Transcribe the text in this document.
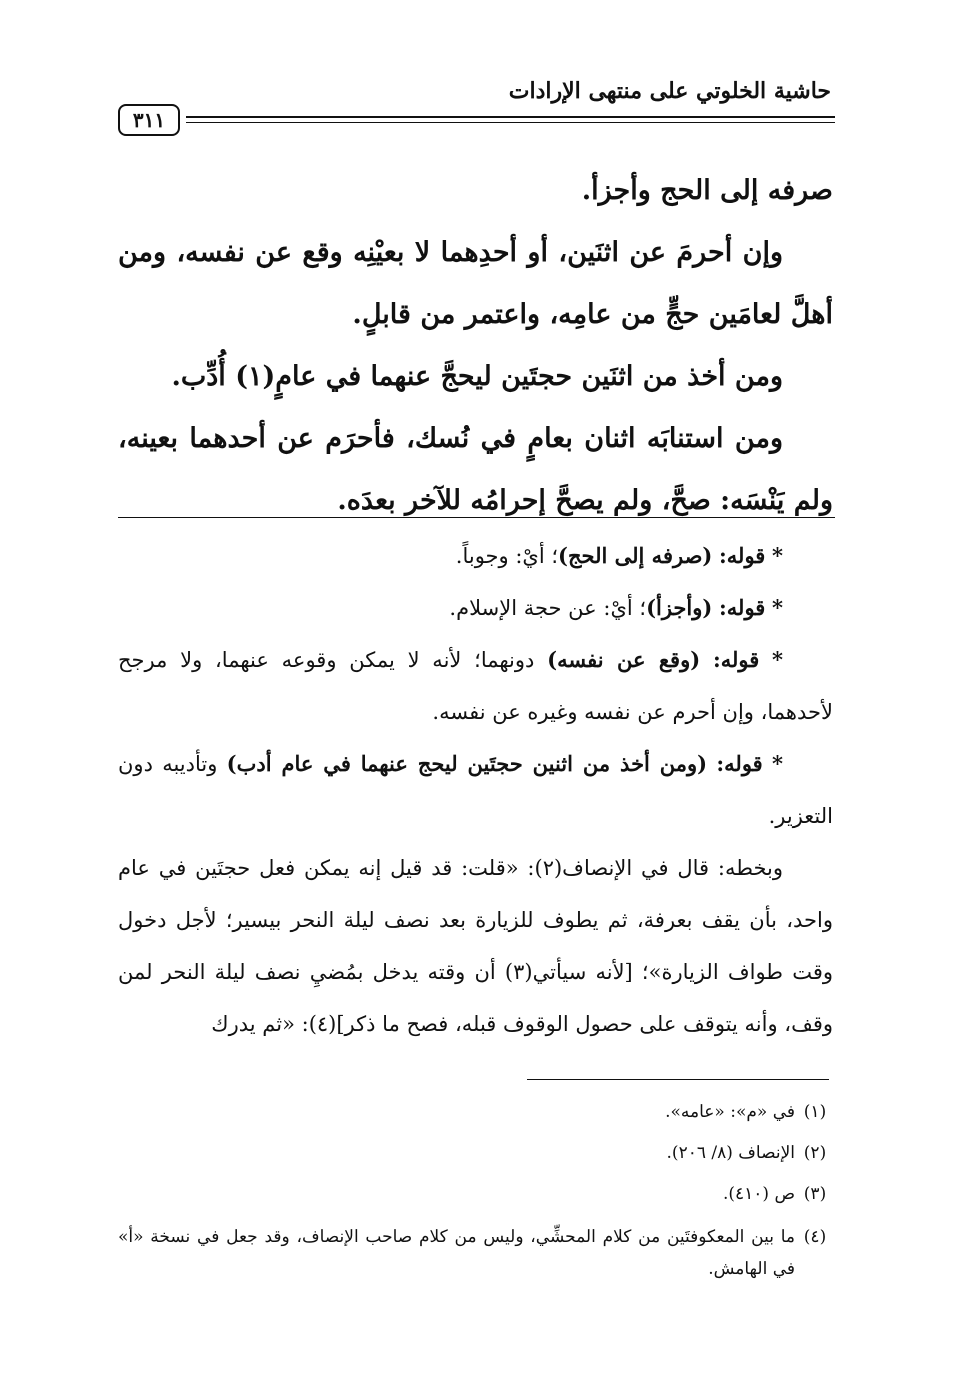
٣١١
حاشية الخلوتي على منتهى الإرادات

صرفه إلى الحج وأجزأ.

وإن أحرمَ عن اثنَين، أو أحدِهما لا بعيْنِه وقع عن نفسه، ومن أهلَّ لعامَين حجٍّ من عامِه، واعتمر من قابلٍ.

ومن أخذ من اثنَين حجتَين ليحجَّ عنهما في عامٍ(١) أُدِّب.

ومن استنابَه اثنان بعامٍ في نُسك، فأحرَم عن أحدهما بعينه، ولم يَنْسَه: صحَّ، ولم يصحَّ إحرامُه للآخر بعدَه.

* قوله: (صرفه إلى الحج)؛ أيْ: وجوباً.

* قوله: (وأجزأ)؛ أيْ: عن حجة الإسلام.

* قوله: (وقع عن نفسه) دونهما؛ لأنه لا يمكن وقوعه عنهما، ولا مرجح لأحدهما، وإن أحرم عن نفسه وغيره عن نفسه.

* قوله: (ومن أخذ من اثنين حجتَين ليحج عنهما في عام أدب) وتأديبه دون التعزير.

وبخطه: قال في الإنصاف(٢): «قلت: قد قيل إنه يمكن فعل حجتَين في عام واحد، بأن يقف بعرفة، ثم يطوف للزيارة بعد نصف ليلة النحر بيسير؛ لأجل دخول وقت طواف الزيارة»؛ [لأنه سيأتي(٣) أن وقته يدخل بمُضيِ نصف ليلة النحر لمن وقف، وأنه يتوقف على حصول الوقوف قبله، فصح ما ذكر](٤): «ثم يدرك

(١)
في «م»: «عامه».

(٢)
الإنصاف (٨/ ٢٠٦).

(٣)
ص (٤١٠).

(٤)
ما بين المعكوفتَين من كلام المحشِّي، وليس من كلام صاحب الإنصاف، وقد جعل في نسخة «أ» في الهامش.
